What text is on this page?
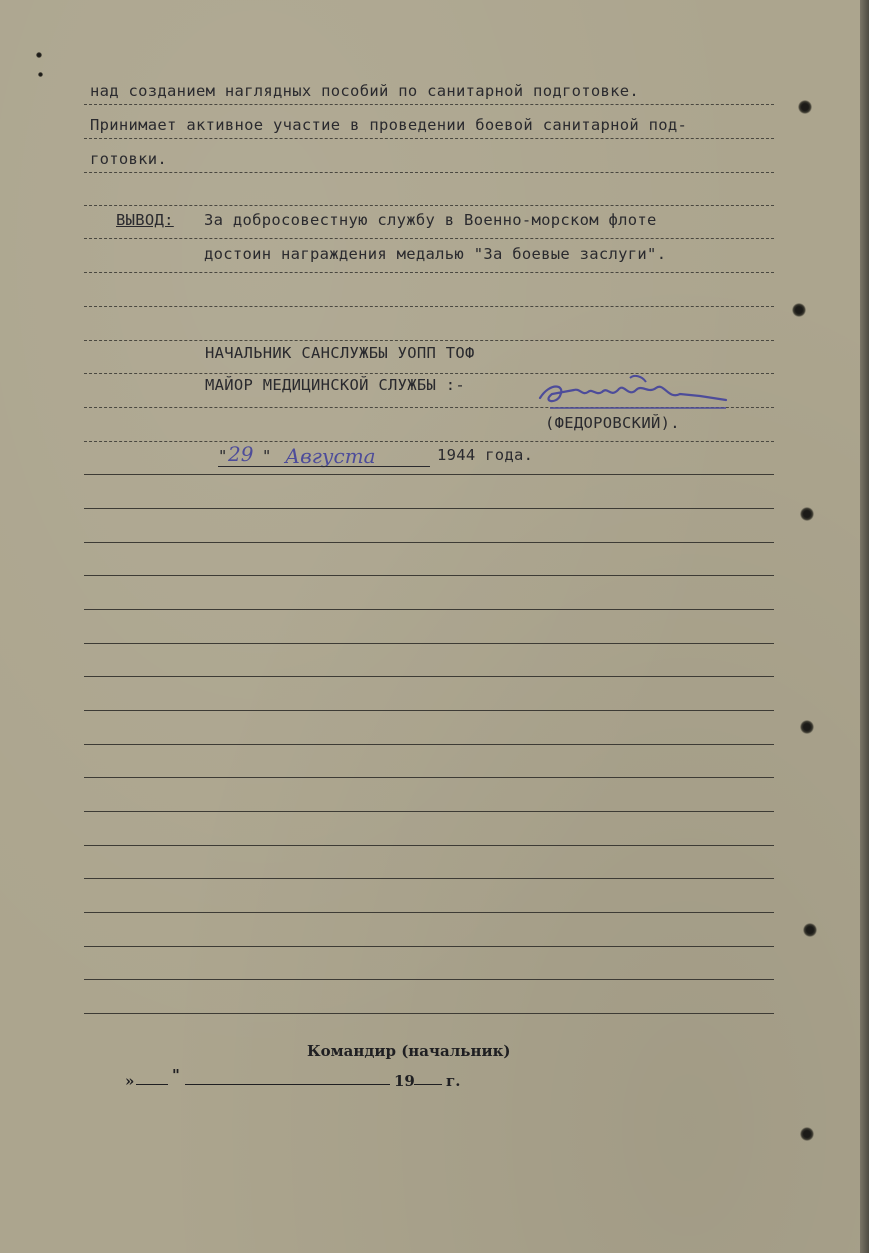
над созданием наглядных пособий по санитарной подготовке.
Принимает активное участие в проведении боевой санитарной под-
готовки.
ВЫВОД: За добросовестную службу в Военно-морском флоте
достоин награждения медалью "За боевые заслуги".
НАЧАЛЬНИК САНСЛУЖБЫ УОПП ТОФ
МАЙОР МЕДИЦИНСКОЙ СЛУЖБЫ :-
(ФЕДОРОВСКИЙ).
" 29 " Августа	1944 года.
Командир (начальник)
»	"	19 г.
